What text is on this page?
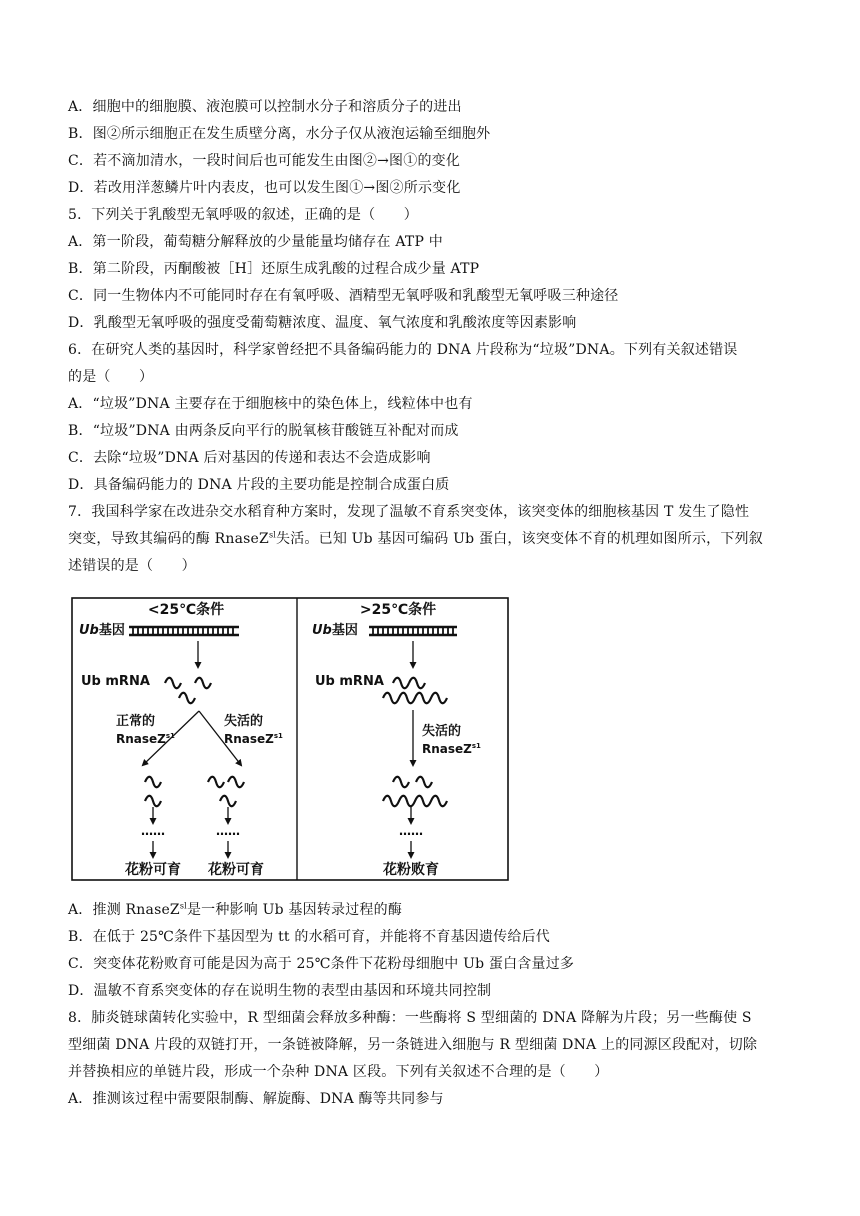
A．细胞中的细胞膜、液泡膜可以控制水分子和溶质分子的进出
B．图②所示细胞正在发生质壁分离，水分子仅从液泡运输至细胞外
C．若不滴加清水，一段时间后也可能发生由图②→图①的变化
D．若改用洋葱鳞片叶内表皮，也可以发生图①→图②所示变化
5．下列关于乳酸型无氧呼吸的叙述，正确的是（　　）
A．第一阶段，葡萄糖分解释放的少量能量均储存在 ATP 中
B．第二阶段，丙酮酸被［H］还原生成乳酸的过程合成少量 ATP
C．同一生物体内不可能同时存在有氧呼吸、酒精型无氧呼吸和乳酸型无氧呼吸三种途径
D．乳酸型无氧呼吸的强度受葡萄糖浓度、温度、氧气浓度和乳酸浓度等因素影响
6．在研究人类的基因时，科学家曾经把不具备编码能力的 DNA 片段称为“垃圾”DNA。下列有关叙述错误
的是（　　）
A．“垃圾”DNA 主要存在于细胞核中的染色体上，线粒体中也有
B．“垃圾”DNA 由两条反向平行的脱氧核苷酸链互补配对而成
C．去除“垃圾”DNA 后对基因的传递和表达不会造成影响
D．具备编码能力的 DNA 片段的主要功能是控制合成蛋白质
7．我国科学家在改进杂交水稻育种方案时，发现了温敏不育系突变体，该突变体的细胞核基因 T 发生了隐性
突变，导致其编码的酶 RnaseZ$^{sl}$失活。已知 Ub 基因可编码 Ub 蛋白，该突变体不育的机理如图所示，下列叙
述错误的是（　　）
<25℃条件
Ub基因
Ub mRNA
正常的
RnaseZ$^{s1}$
失活的
RnaseZ$^{s1}$
……	……
花粉可育 花粉可育
>25℃条件
Ub基因
Ub mRNA
失活的
RnaseZ$^{s1}$
……
花粉败育
A．推测 RnaseZ$^{sl}$是一种影响 Ub 基因转录过程的酶
B．在低于 25℃条件下基因型为 tt 的水稻可育，并能将不育基因遗传给后代
C．突变体花粉败育可能是因为高于 25℃条件下花粉母细胞中 Ub 蛋白含量过多
D．温敏不育系突变体的存在说明生物的表型由基因和环境共同控制
8．肺炎链球菌转化实验中，R 型细菌会释放多种酶：一些酶将 S 型细菌的 DNA 降解为片段；另一些酶使 S
型细菌 DNA 片段的双链打开，一条链被降解，另一条链进入细胞与 R 型细菌 DNA 上的同源区段配对，切除
并替换相应的单链片段，形成一个杂种 DNA 区段。下列有关叙述不合理的是（　　）
A．推测该过程中需要限制酶、解旋酶、DNA 酶等共同参与
